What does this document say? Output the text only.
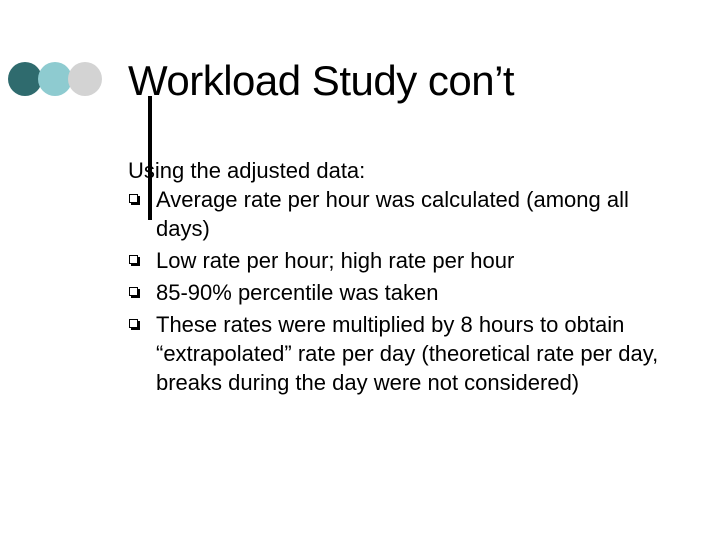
Workload Study con’t

Using the adjusted data:

Average rate per hour was calculated (among all days)
Low rate per hour; high rate per hour
85-90% percentile was taken
These rates were multiplied by 8 hours to obtain “extrapolated” rate per day (theoretical rate per day, breaks during the day were not considered)
